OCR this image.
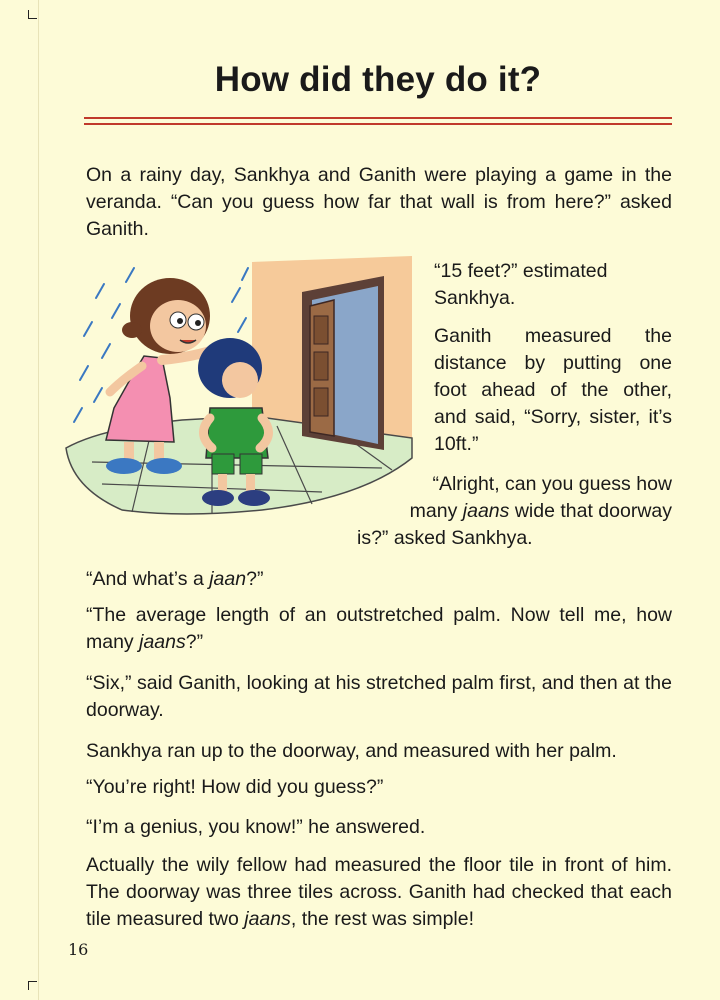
How did they do it?

On a rainy day, Sankhya and Ganith were playing a game in the veranda. “Can you guess how far that wall is from here?” asked Ganith.

“15 feet?” estimated Sankhya.

Ganith measured the distance by putting one foot ahead of the other, and said, “Sorry, sister, it’s 10ft.”

“Alright, can you guess how

many jaans wide that doorway

is?” asked Sankhya.

“And what’s a jaan?”

“The average length of an outstretched palm. Now tell me, how many jaans?”

“Six,” said Ganith, looking at his stretched palm first, and then at the doorway.

Sankhya ran up to the doorway, and measured with her palm.

“You’re right! How did you guess?”

“I’m a genius, you know!” he answered.

Actually the wily fellow had measured the floor tile in front of him. The doorway was three tiles across. Ganith had checked that each tile measured two jaans, the rest was simple!

16
